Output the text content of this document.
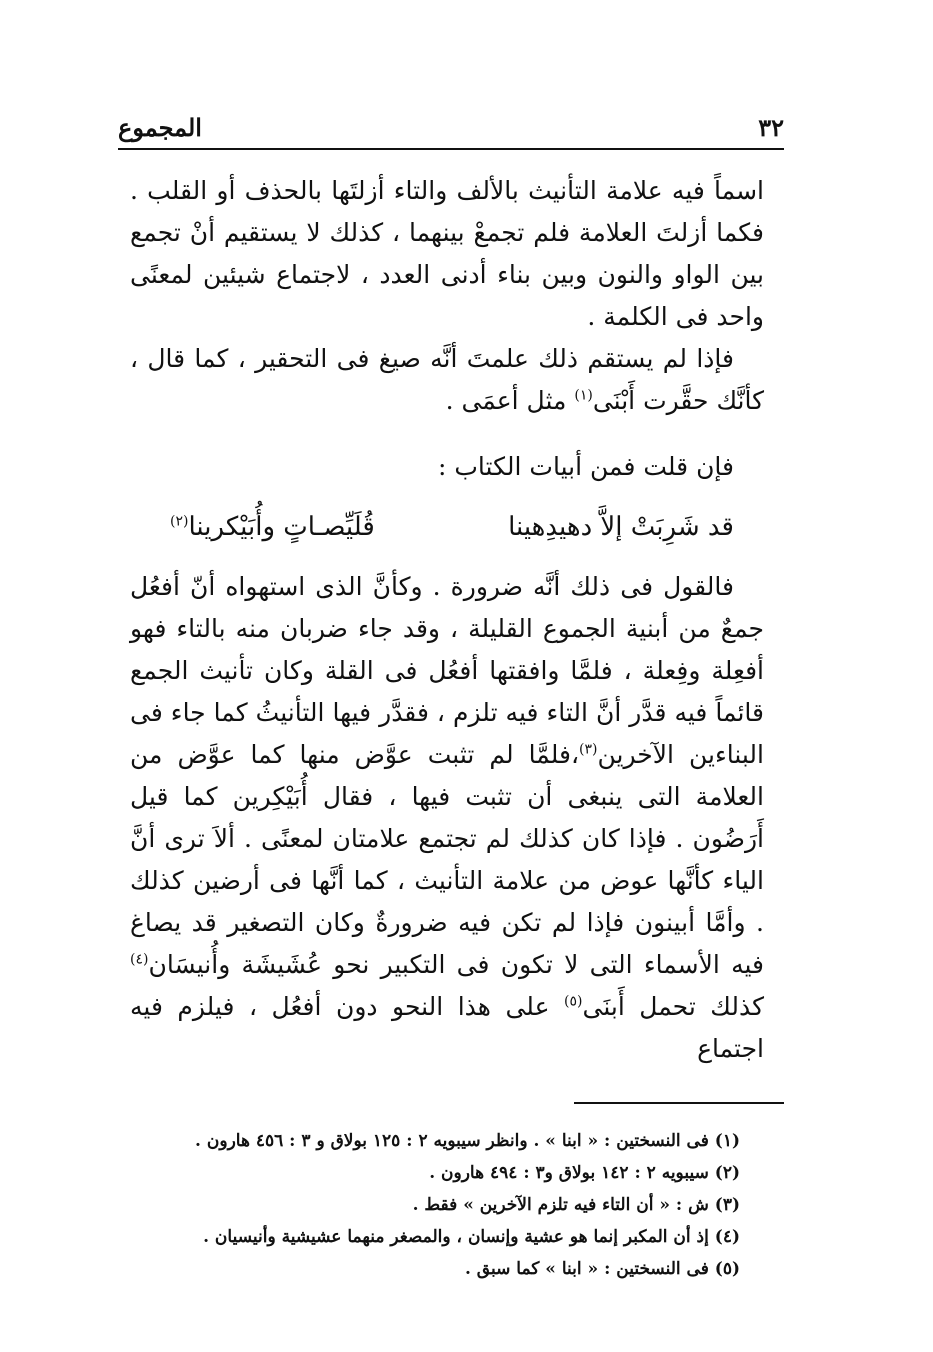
٣٢
المجموع

اسماً فيه علامة التأنيث بالألف والتاء أزلتَها بالحذف أو القلب . فكما أزلتَ العلامة فلم تجمعْ بينهما ، كذلك لا يستقيم أنْ تجمع بين الواو والنون وبين بناء أدنى العدد ، لاجتماع شيئين لمعنًى واحد فى الكلمة .

فإذا لم يستقم ذلك علمتَ أنَّه صيغ فى التحقير ، كما قال ، كأنَّك حقَّرت أَبْنَى$^{(١)}$ مثل أعمَى .

فإن قلت فمن أبيات الكتاب :

قد شَرِبَتْ إلاَّ دهيدِهينا
قُلَيِّصـاتٍ وأُبَيْكرينا$^{(٢)}$

فالقول فى ذلك أنَّه ضرورة . وكأنَّ الذى استهواه أنّ أفعُل جمعٌ من أبنية الجموع القليلة ، وقد جاء ضربان منه بالتاء فهو أفعِلة وفِعلة ، فلمَّا وافقتها أفعُل فى القلة وكان تأنيث الجمع قائماً فيه قدَّر أنَّ التاء فيه تلزم ، فقدَّر فيها التأنيثُ كما جاء فى البناءين الآخرين$^{(٣)}$،فلمَّا لم تثبت عوَّض منها كما عوَّض من العلامة التى ينبغى أن تثبت فيها ، فقال أُبَيْكِرين كما قيل أَرَضُون . فإذا كان كذلك لم تجتمع علامتان لمعنًى . ألاَ ترى أنَّ الياء كأنَّها عوض من علامة التأنيث ، كما أنَّها فى أرضين كذلك . وأمَّا أبينون فإذا لم تكن فيه ضرورةٌ وكان التصغير قد يصاغ فيه الأسماء التى لا تكون فى التكبير نحو عُشَيشَة وأُنيسَان$^{(٤)}$ كذلك تحمل أَبنَى$^{(٥)}$ على هذا النحو دون أفعُل ، فيلزم فيه اجتماع

(١) فى النسختين : « ابنا » . وانظر سيبويه ٢ : ١٢٥ بولاق و ٣ : ٤٥٦ هارون .
(٢) سيبويه ٢ : ١٤٢ بولاق و٣ : ٤٩٤ هارون .
(٣) ش : « أن التاء فيه تلزم الآخرين » فقط .
(٤) إذ أن المكبر إنما هو عشية وإنسان ، والمصغر منهما عشيشية وأنيسيان .
(٥) فى النسختين : « ابنا » كما سبق .
